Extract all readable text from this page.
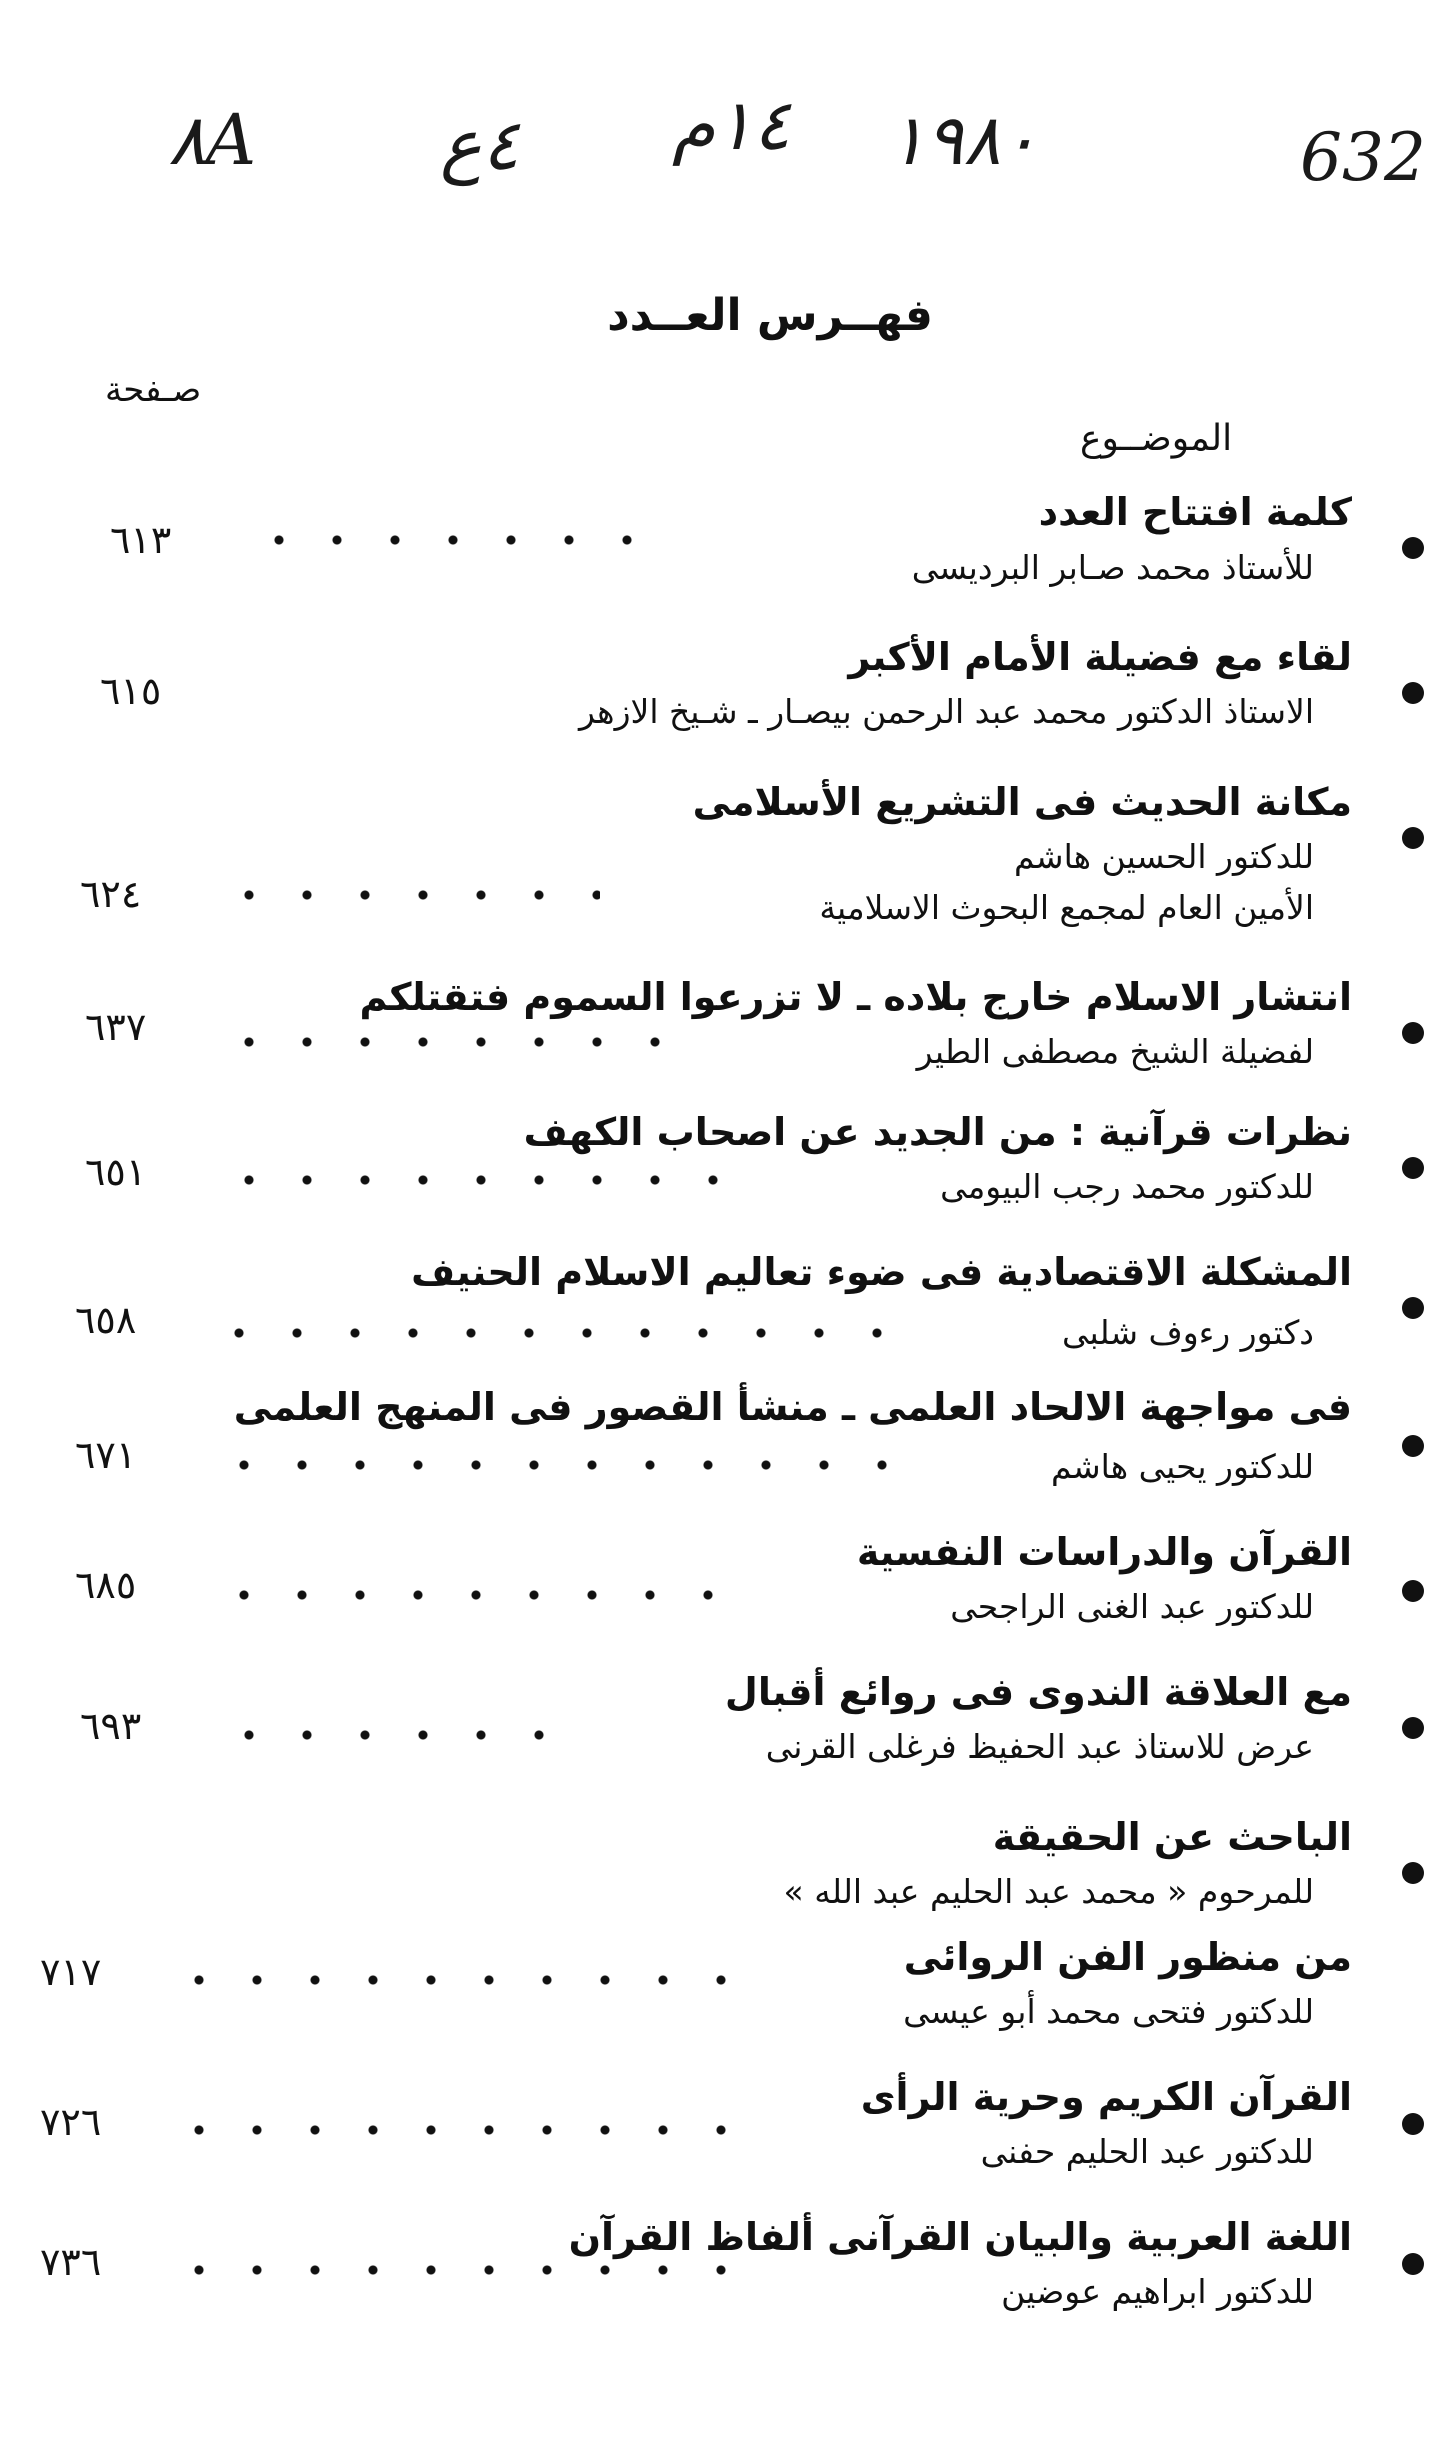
٨A	٤ع ١٤م ١٩٨٠	632
فهــرس العــدد
صـفحة
الموضــوع
كلمة افتتاح العدد
للأستاذ محمد صـابر البرديسى
٦١٣
لقاء مع فضيلة الأمام الأكبر
الاستاذ الدكتور محمد عبد الرحمن بيصـار ـ شـيخ الازهر
٦١٥
مكانة الحديث فى التشريع الأسلامى
للدكتور الحسين هاشم
الأمين العام لمجمع البحوث الاسلامية
٦٢٤
انتشار الاسلام خارج بلاده ـ لا تزرعوا السموم فتقتلكم
لفضيلة الشيخ مصطفى الطير
٦٣٧
نظرات قرآنية : من الجديد عن اصحاب الكهف
للدكتور محمد رجب البيومى
٦٥١
المشكلة الاقتصادية فى ضوء تعاليم الاسلام الحنيف
دكتور رءوف شلبى
٦٥٨
فى مواجهة الالحاد العلمى ـ منشأ القصور فى المنهج العلمى
للدكتور يحيى هاشم
٦٧١
القرآن والدراسات النفسية
للدكتور عبد الغنى الراجحى
٦٨٥
مع العلاقة الندوى فى روائع أقبال
عرض للاستاذ عبد الحفيظ فرغلى القرنى
٦٩٣
الباحث عن الحقيقة
للمرحوم « محمد عبد الحليم عبد الله »
من منظور الفن الروائى
للدكتور فتحى محمد أبو عيسى
٧١٧
القرآن الكريم وحرية الرأى
للدكتور عبد الحليم حفنى
٧٢٦
اللغة العربية والبيان القرآنى ألفاظ القرآن
للدكتور ابراهيم عوضين
٧٣٦
